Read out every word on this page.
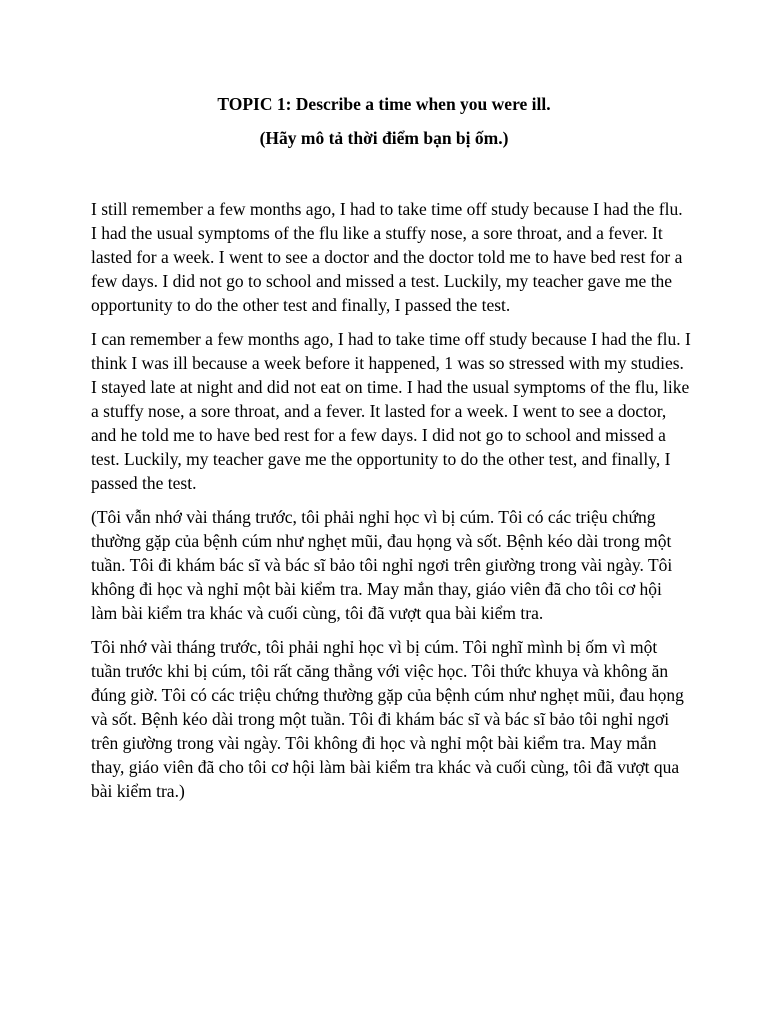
TOPIC 1: Describe a time when you were ill.

(Hãy mô tả thời điểm bạn bị ốm.)

I still remember a few months ago, I had to take time off study because I had the flu. I had the usual symptoms of the flu like a stuffy nose, a sore throat, and a fever. It lasted for a week. I went to see a doctor and the doctor told me to have bed rest for a few days. I did not go to school and missed a test. Luckily, my teacher gave me the opportunity to do the other test and finally, I passed the test.

I can remember a few months ago, I had to take time off study because I had the flu. I think I was ill because a week before it happened, 1 was so stressed with my studies. I stayed late at night and did not eat on time. I had the usual symptoms of the flu, like a stuffy nose, a sore throat, and a fever. It lasted for a week. I went to see a doctor, and he told me to have bed rest for a few days. I did not go to school and missed a test. Luckily, my teacher gave me the opportunity to do the other test, and finally, I passed the test.

(Tôi vẫn nhớ vài tháng trước, tôi phải nghỉ học vì bị cúm. Tôi có các triệu chứng thường gặp của bệnh cúm như nghẹt mũi, đau họng và sốt. Bệnh kéo dài trong một tuần. Tôi đi khám bác sĩ và bác sĩ bảo tôi nghỉ ngơi trên giường trong vài ngày. Tôi không đi học và nghỉ một bài kiểm tra. May mắn thay, giáo viên đã cho tôi cơ hội làm bài kiểm tra khác và cuối cùng, tôi đã vượt qua bài kiểm tra.

Tôi nhớ vài tháng trước, tôi phải nghỉ học vì bị cúm. Tôi nghĩ mình bị ốm vì một tuần trước khi bị cúm, tôi rất căng thẳng với việc học. Tôi thức khuya và không ăn đúng giờ. Tôi có các triệu chứng thường gặp của bệnh cúm như nghẹt mũi, đau họng và sốt. Bệnh kéo dài trong một tuần. Tôi đi khám bác sĩ và bác sĩ bảo tôi nghỉ ngơi trên giường trong vài ngày. Tôi không đi học và nghỉ một bài kiểm tra. May mắn thay, giáo viên đã cho tôi cơ hội làm bài kiểm tra khác và cuối cùng, tôi đã vượt qua bài kiểm tra.)
